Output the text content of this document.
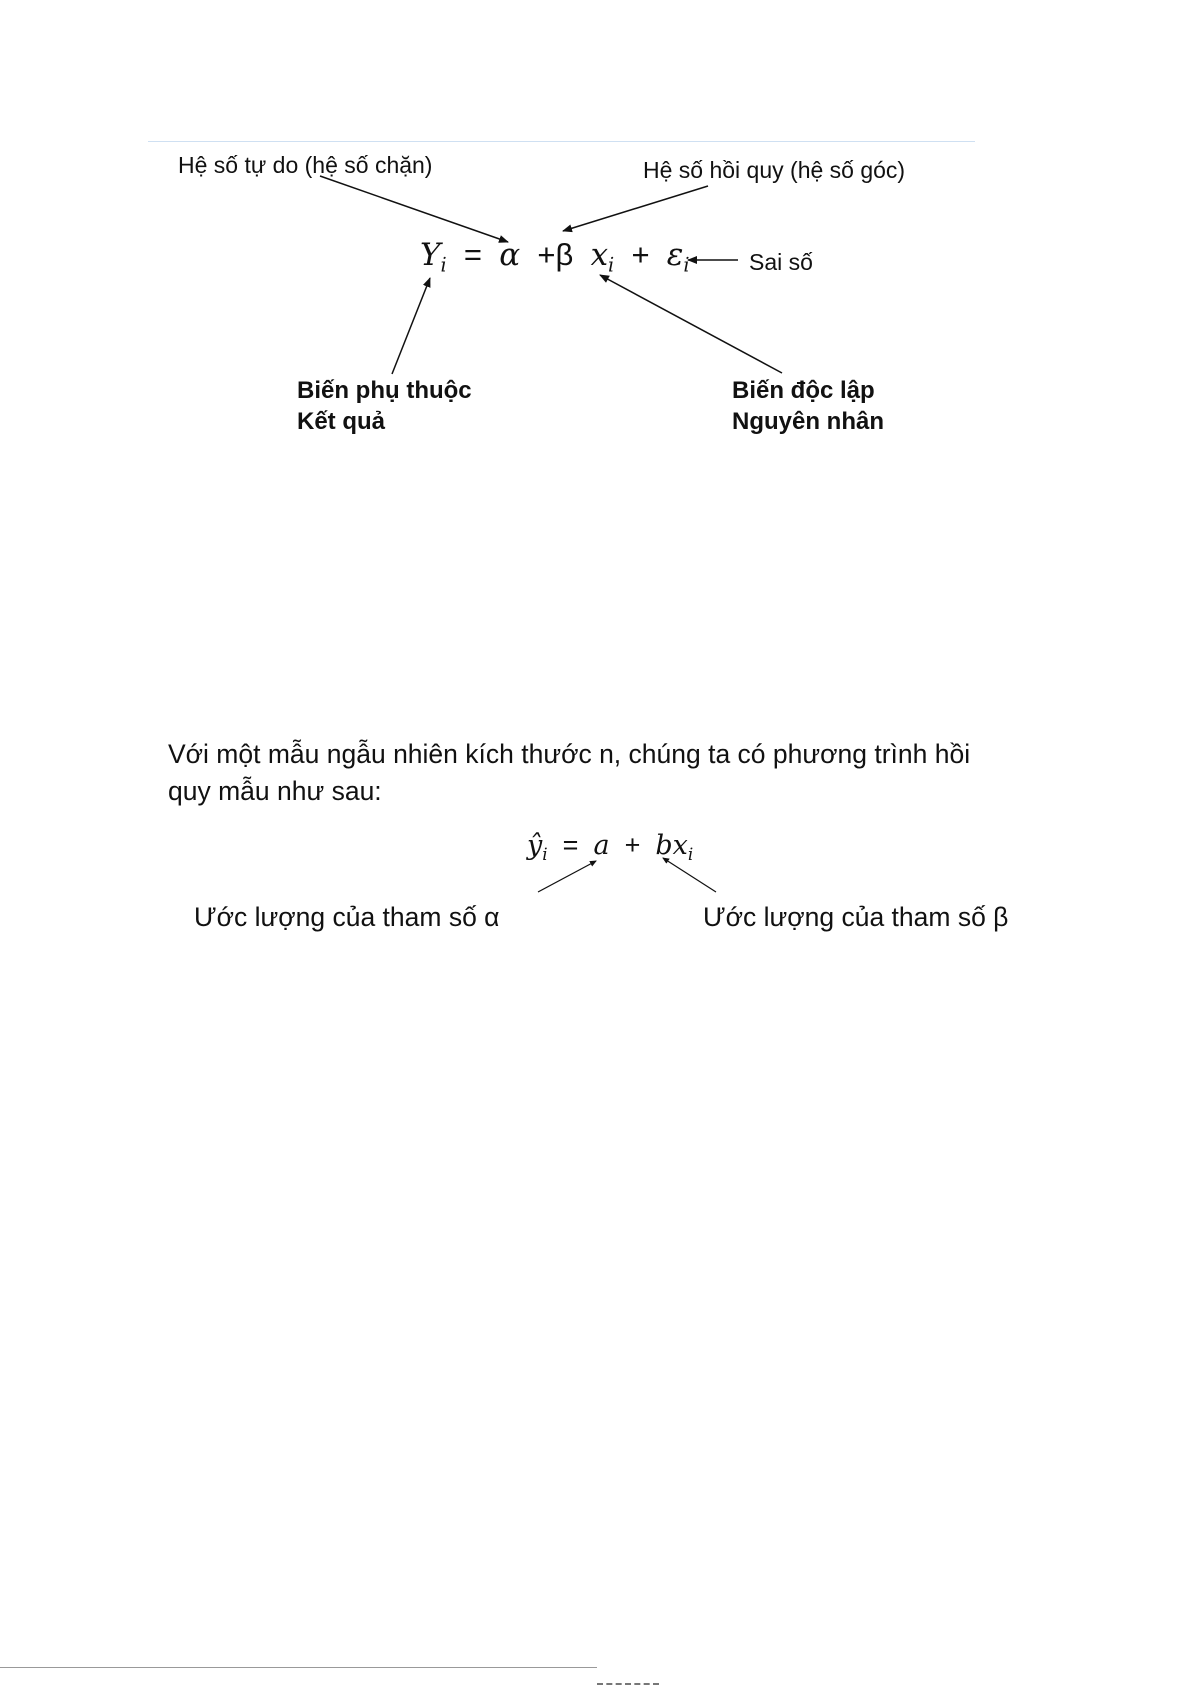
Hệ số tự do (hệ số chặn)	Hệ số hồi quy (hệ số góc)
$Y_i = \alpha +\beta$ $x_i + \varepsilon_i$	Sai số
Biến phụ thuộc
Kết quả
Biến độc lập
Nguyên nhân
Với một mẫu ngẫu nhiên kích thước n, chúng ta có phương trình hồi
quy mẫu như sau:
$ŷ_i = a + bx_i$
Ước lượng của tham số α	Ước lượng của tham số β
